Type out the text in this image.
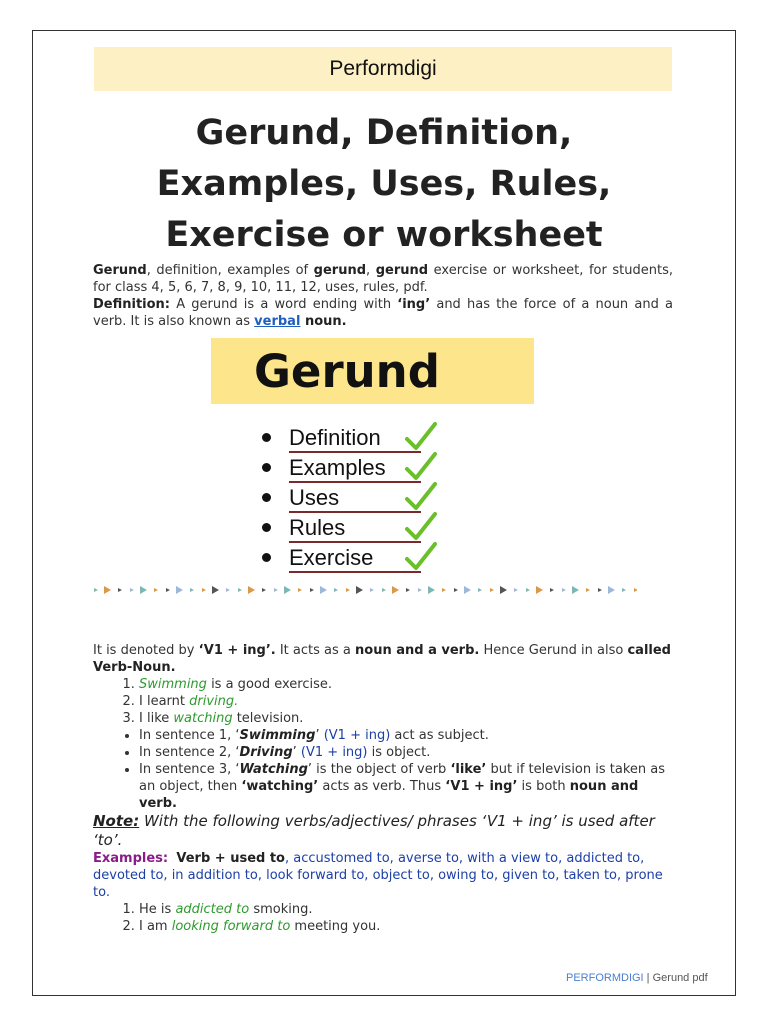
Performdigi
Gerund, Definition,
Examples, Uses, Rules,
Exercise or worksheet

Gerund, definition, examples of gerund, gerund exercise or worksheet, for students, for class 4, 5, 6, 7, 8, 9, 10, 11, 12, uses, rules, pdf.

Definition: A gerund is a word ending with ‘ing’ and has the force of a noun and a verb. It is also known as verbal noun.

Gerund
Definition
Examples
Uses
Rules
Exercise

It is denoted by ‘V1 + ing’. It acts as a noun and a verb. Hence Gerund in also called Verb-Noun.

1. Swimming is a good exercise.
2. I learnt driving.
3. I like watching television.
• In sentence 1, ‘Swimming’ (V1 + ing) act as subject.
• In sentence 2, ‘Driving’ (V1 + ing) is object.
• In sentence 3, ‘Watching’ is the object of verb ‘like’ but if television is taken as an object, then ‘watching’ acts as verb. Thus ‘V1 + ing’ is both noun and verb.

Note: With the following verbs/adjectives/ phrases ‘V1 + ing’ is used after ‘to’.

Examples: Verb + used to, accustomed to, averse to, with a view to, addicted to, devoted to, in addition to, look forward to, object to, owing to, given to, taken to, prone to.

1. He is addicted to smoking.
2. I am looking forward to meeting you.
PERFORMDIGI | Gerund pdf
